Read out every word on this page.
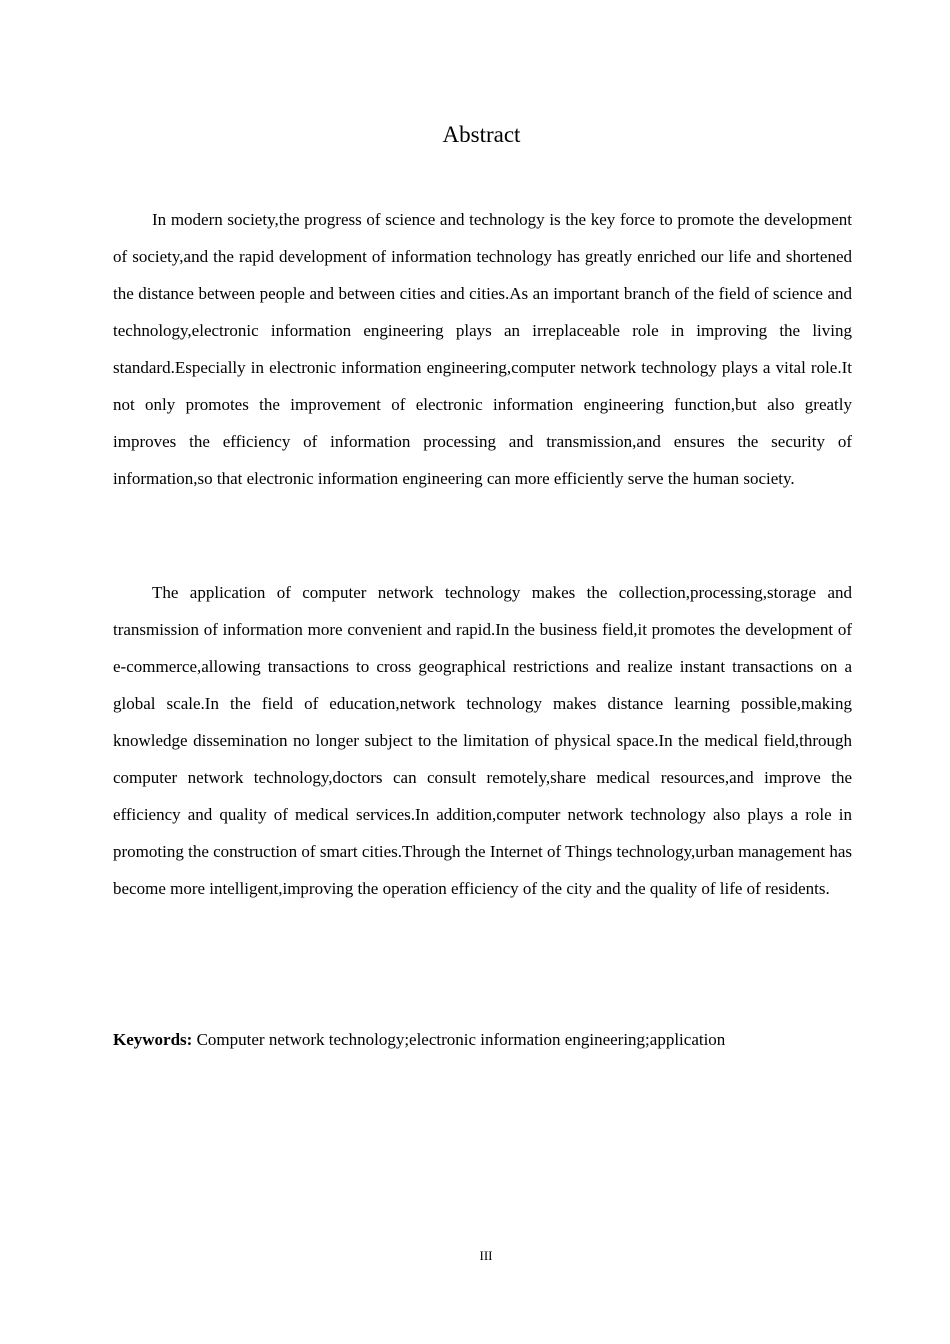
Abstract

In modern society,the progress of science and technology is the key force to promote the development of society,and the rapid development of information technology has greatly enriched our life and shortened the distance between people and between cities and cities.As an important branch of the field of science and technology,electronic information engineering plays an irreplaceable role in improving the living standard.Especially in electronic information engineering,computer network technology plays a vital role.It not only promotes the improvement of electronic information engineering function,but also greatly improves the efficiency of information processing and transmission,and ensures the security of information,so that electronic information engineering can more efficiently serve the human society.

The application of computer network technology makes the collection,processing,storage and transmission of information more convenient and rapid.In the business field,it promotes the development of e-commerce,allowing transactions to cross geographical restrictions and realize instant transactions on a global scale.In the field of education,network technology makes distance learning possible,making knowledge dissemination no longer subject to the limitation of physical space.In the medical field,through computer network technology,doctors can consult remotely,share medical resources,and improve the efficiency and quality of medical services.In addition,computer network technology also plays a role in promoting the construction of smart cities.Through the Internet of Things technology,urban management has become more intelligent,improving the operation efficiency of the city and the quality of life of residents.

Keywords: Computer network technology;electronic information engineering;application
III
